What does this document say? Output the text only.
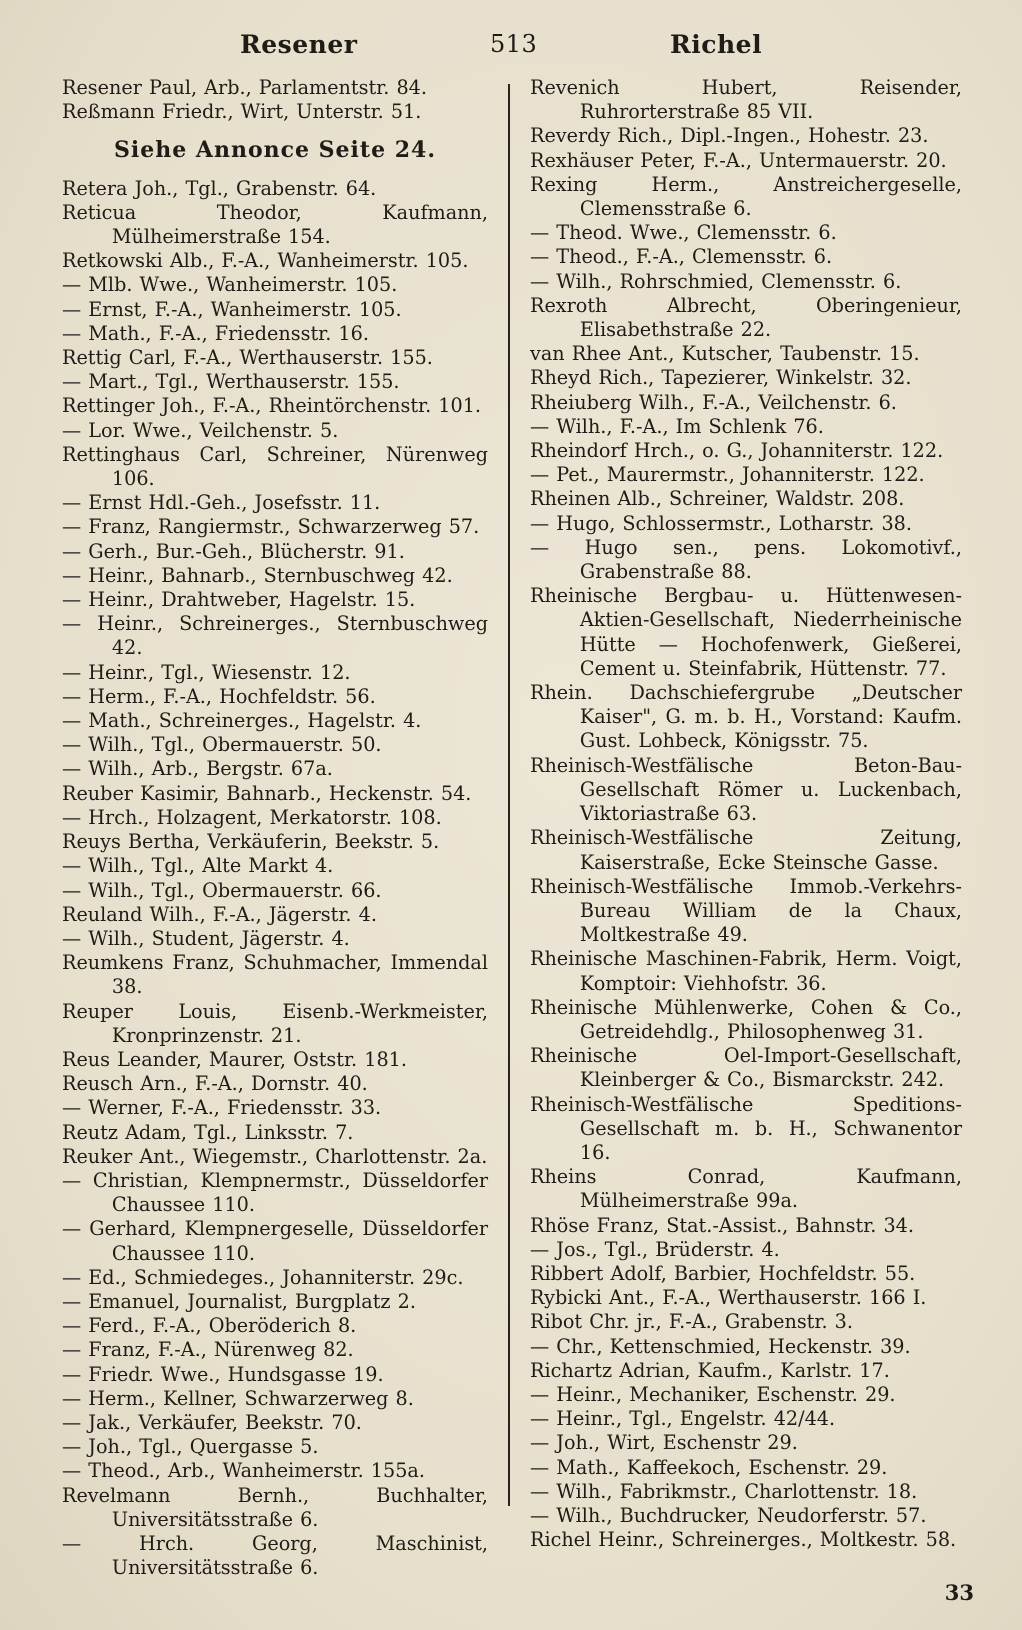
Resener	513	Richel
Resener Paul, Arb., Parlamentstr. 84.
Reßmann Friedr., Wirt, Unterstr. 51.
Siehe Annonce Seite 24.
Retera Joh., Tgl., Grabenstr. 64.
Reticua Theodor, Kaufmann, Mülheimerstraße 154.
Retkowski Alb., F.-A., Wanheimerstr. 105.
— Mlb. Wwe., Wanheimerstr. 105.
— Ernst, F.-A., Wanheimerstr. 105.
— Math., F.-A., Friedensstr. 16.
Rettig Carl, F.-A., Werthauserstr. 155.
— Mart., Tgl., Werthauserstr. 155.
Rettinger Joh., F.-A., Rheintörchenstr. 101.
— Lor. Wwe., Veilchenstr. 5.
Rettinghaus Carl, Schreiner, Nürenweg 106.
— Ernst Hdl.-Geh., Josefsstr. 11.
— Franz, Rangiermstr., Schwarzerweg 57.
— Gerh., Bur.-Geh., Blücherstr. 91.
— Heinr., Bahnarb., Sternbuschweg 42.
— Heinr., Drahtweber, Hagelstr. 15.
— Heinr., Schreinerges., Sternbuschweg 42.
— Heinr., Tgl., Wiesenstr. 12.
— Herm., F.-A., Hochfeldstr. 56.
— Math., Schreinerges., Hagelstr. 4.
— Wilh., Tgl., Obermauerstr. 50.
— Wilh., Arb., Bergstr. 67a.
Reuber Kasimir, Bahnarb., Heckenstr. 54.
— Hrch., Holzagent, Merkatorstr. 108.
Reuys Bertha, Verkäuferin, Beekstr. 5.
— Wilh., Tgl., Alte Markt 4.
— Wilh., Tgl., Obermauerstr. 66.
Reuland Wilh., F.-A., Jägerstr. 4.
— Wilh., Student, Jägerstr. 4.
Reumkens Franz, Schuhmacher, Immendal 38.
Reuper Louis, Eisenb.-Werkmeister, Kronprinzenstr. 21.
Reus Leander, Maurer, Oststr. 181.
Reusch Arn., F.-A., Dornstr. 40.
— Werner, F.-A., Friedensstr. 33.
Reutz Adam, Tgl., Linksstr. 7.
Reuker Ant., Wiegemstr., Charlottenstr. 2a.
— Christian, Klempnermstr., Düsseldorfer Chaussee 110.
— Gerhard, Klempnergeselle, Düsseldorfer Chaussee 110.
— Ed., Schmiedeges., Johanniterstr. 29c.
— Emanuel, Journalist, Burgplatz 2.
— Ferd., F.-A., Oberöderich 8.
— Franz, F.-A., Nürenweg 82.
— Friedr. Wwe., Hundsgasse 19.
— Herm., Kellner, Schwarzerweg 8.
— Jak., Verkäufer, Beekstr. 70.
— Joh., Tgl., Quergasse 5.
— Theod., Arb., Wanheimerstr. 155a.
Revelmann Bernh., Buchhalter, Universitätsstraße 6.
— Hrch. Georg, Maschinist, Universitätsstraße 6.
Revenich Hubert, Reisender, Ruhrorterstraße 85 VII.
Reverdy Rich., Dipl.-Ingen., Hohestr. 23.
Rexhäuser Peter, F.-A., Untermauerstr. 20.
Rexing Herm., Anstreichergeselle, Clemensstraße 6.
— Theod. Wwe., Clemensstr. 6.
— Theod., F.-A., Clemensstr. 6.
— Wilh., Rohrschmied, Clemensstr. 6.
Rexroth Albrecht, Oberingenieur, Elisabethstraße 22.
van Rhee Ant., Kutscher, Taubenstr. 15.
Rheyd Rich., Tapezierer, Winkelstr. 32.
Rheiuberg Wilh., F.-A., Veilchenstr. 6.
— Wilh., F.-A., Im Schlenk 76.
Rheindorf Hrch., o. G., Johanniterstr. 122.
— Pet., Maurermstr., Johanniterstr. 122.
Rheinen Alb., Schreiner, Waldstr. 208.
— Hugo, Schlossermstr., Lotharstr. 38.
— Hugo sen., pens. Lokomotivf., Grabenstraße 88.
Rheinische Bergbau- u. Hüttenwesen-Aktien-Gesellschaft, Niederrheinische Hütte — Hochofenwerk, Gießerei, Cement u. Steinfabrik, Hüttenstr. 77.
Rhein. Dachschiefergrube „Deutscher Kaiser", G. m. b. H., Vorstand: Kaufm. Gust. Lohbeck, Königsstr. 75.
Rheinisch-Westfälische Beton-Bau-Gesellschaft Römer u. Luckenbach, Viktoriastraße 63.
Rheinisch-Westfälische Zeitung, Kaiserstraße, Ecke Steinsche Gasse.
Rheinisch-Westfälische Immob.-Verkehrs-Bureau William de la Chaux, Moltkestraße 49.
Rheinische Maschinen-Fabrik, Herm. Voigt, Komptoir: Viehhofstr. 36.
Rheinische Mühlenwerke, Cohen & Co., Getreidehdlg., Philosophenweg 31.
Rheinische Oel-Import-Gesellschaft, Kleinberger & Co., Bismarckstr. 242.
Rheinisch-Westfälische Speditions-Gesellschaft m. b. H., Schwanentor 16.
Rheins Conrad, Kaufmann, Mülheimerstraße 99a.
Rhöse Franz, Stat.-Assist., Bahnstr. 34.
— Jos., Tgl., Brüderstr. 4.
Ribbert Adolf, Barbier, Hochfeldstr. 55.
Rybicki Ant., F.-A., Werthauserstr. 166 I.
Ribot Chr. jr., F.-A., Grabenstr. 3.
— Chr., Kettenschmied, Heckenstr. 39.
Richartz Adrian, Kaufm., Karlstr. 17.
— Heinr., Mechaniker, Eschenstr. 29.
— Heinr., Tgl., Engelstr. 42/44.
— Joh., Wirt, Eschenstr 29.
— Math., Kaffeekoch, Eschenstr. 29.
— Wilh., Fabrikmstr., Charlottenstr. 18.
— Wilh., Buchdrucker, Neudorferstr. 57.
Richel Heinr., Schreinerges., Moltkestr. 58.
33
